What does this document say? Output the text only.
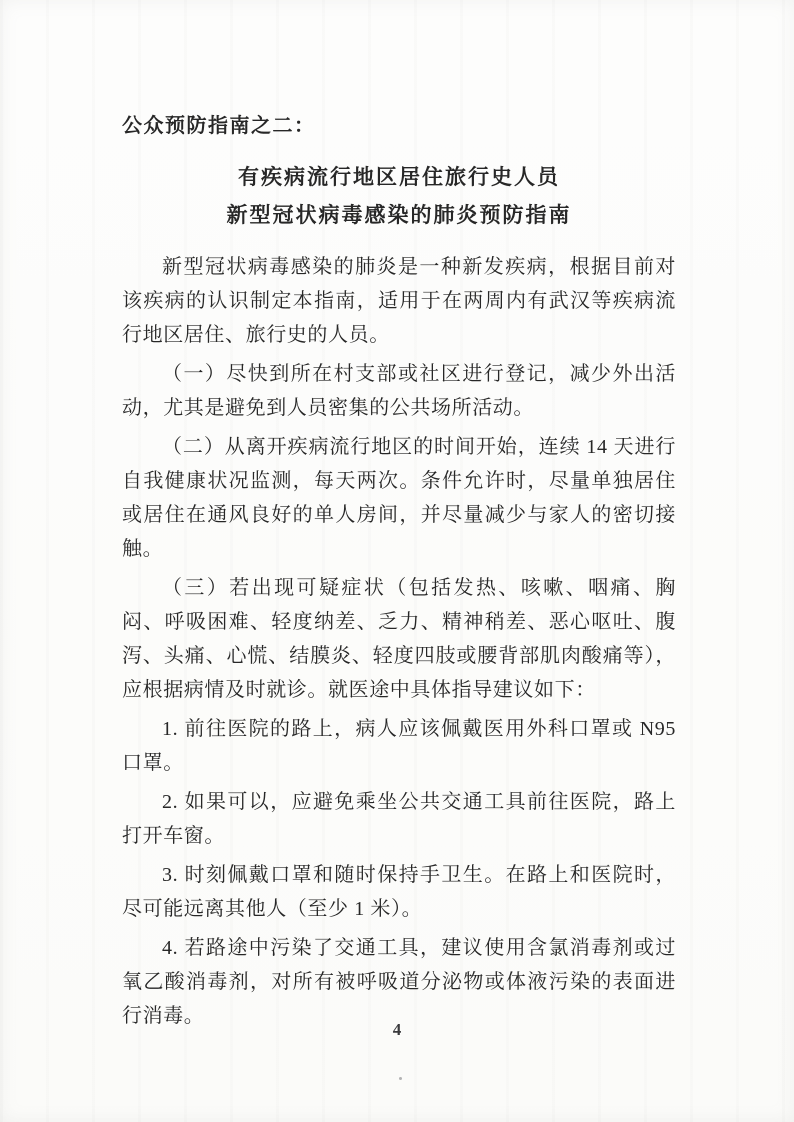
公众预防指南之二：
有疾病流行地区居住旅行史人员
新型冠状病毒感染的肺炎预防指南

新型冠状病毒感染的肺炎是一种新发疾病，根据目前对该疾病的认识制定本指南，适用于在两周内有武汉等疾病流行地区居住、旅行史的人员。

（一）尽快到所在村支部或社区进行登记，减少外出活动，尤其是避免到人员密集的公共场所活动。

（二）从离开疾病流行地区的时间开始，连续 14 天进行自我健康状况监测，每天两次。条件允许时，尽量单独居住或居住在通风良好的单人房间，并尽量减少与家人的密切接触。

（三）若出现可疑症状（包括发热、咳嗽、咽痛、胸闷、呼吸困难、轻度纳差、乏力、精神稍差、恶心呕吐、腹泻、头痛、心慌、结膜炎、轻度四肢或腰背部肌肉酸痛等），应根据病情及时就诊。就医途中具体指导建议如下：

1. 前往医院的路上，病人应该佩戴医用外科口罩或 N95 口罩。

2. 如果可以，应避免乘坐公共交通工具前往医院，路上打开车窗。

3. 时刻佩戴口罩和随时保持手卫生。在路上和医院时，尽可能远离其他人（至少 1 米）。

4. 若路途中污染了交通工具，建议使用含氯消毒剂或过氧乙酸消毒剂，对所有被呼吸道分泌物或体液污染的表面进行消毒。

4
